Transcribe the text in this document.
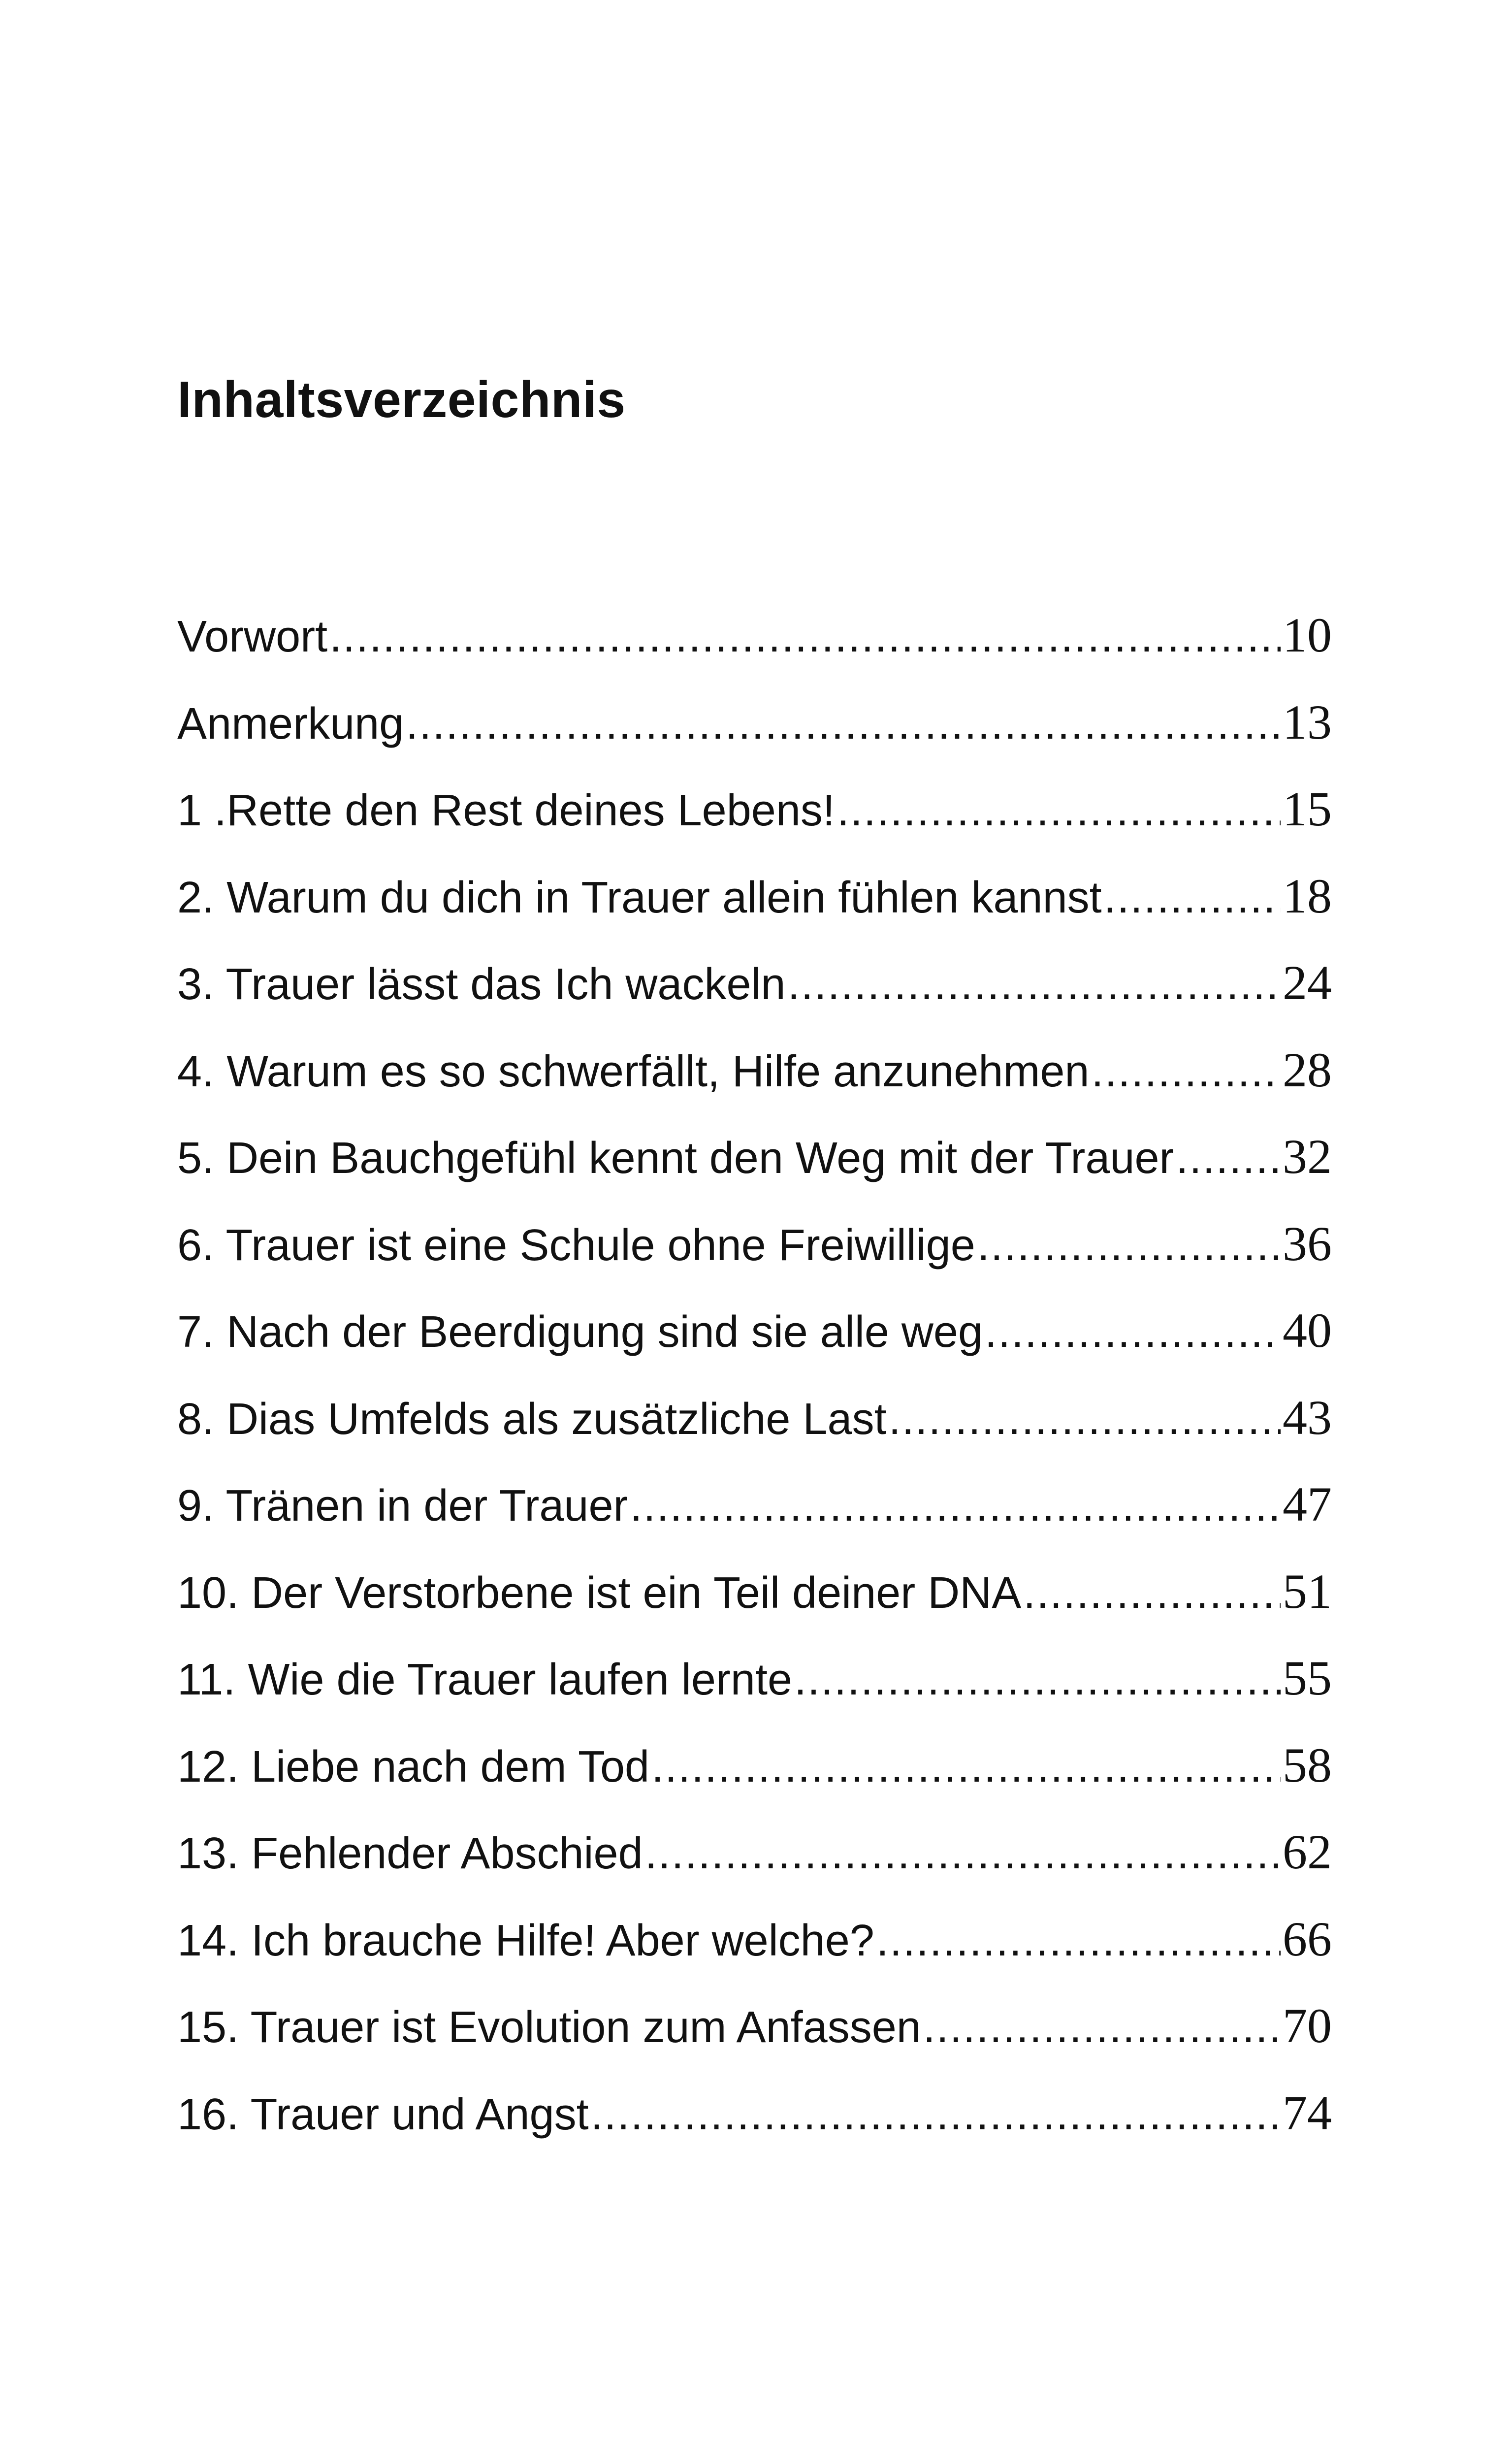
Inhaltsverzeichnis
Vorwort .....	10
Anmerkung .....	13
1 .Rette den Rest deines Lebens! .....	15
2. Warum du dich in Trauer allein fühlen kannst .....	18
3. Trauer lässt das Ich wackeln .....	24
4. Warum es so schwerfällt, Hilfe anzunehmen .....	28
5. Dein Bauchgefühl kennt den Weg mit der Trauer ..... 32
6. Trauer ist eine Schule ohne Freiwillige .....	36
7. Nach der Beerdigung sind sie alle weg .....	40
8. Dias Umfelds als zusätzliche Last .....	43
9. Tränen in der Trauer .....	47
10. Der Verstorbene ist ein Teil deiner DNA .....	51
11. Wie die Trauer laufen lernte .....	55
12. Liebe nach dem Tod .....	58
13. Fehlender Abschied .....	62
14. Ich brauche Hilfe! Aber welche? .....	66
15. Trauer ist Evolution zum Anfassen .....	70
16. Trauer und Angst .....	74
